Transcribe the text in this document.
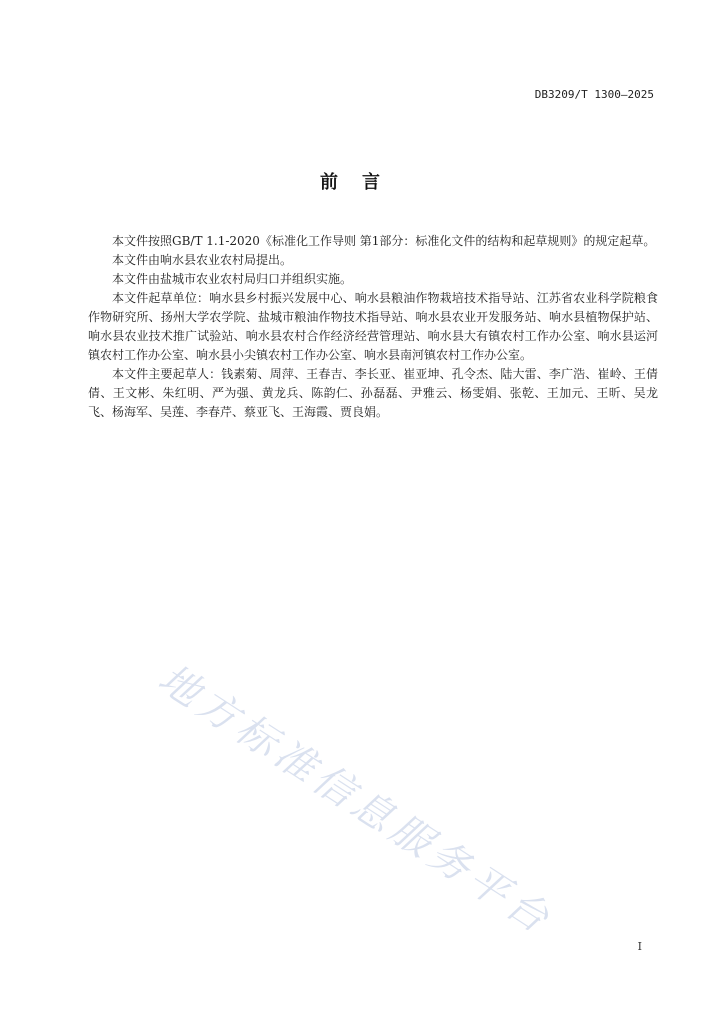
DB3209/T 1300—2025
前言

本文件按照GB/T 1.1-2020《标准化工作导则 第1部分：标准化文件的结构和起草规则》的规定起草。

本文件由响水县农业农村局提出。

本文件由盐城市农业农村局归口并组织实施。

本文件起草单位：响水县乡村振兴发展中心、响水县粮油作物栽培技术指导站、江苏省农业科学院粮食作物研究所、扬州大学农学院、盐城市粮油作物技术指导站、响水县农业开发服务站、响水县植物保护站、响水县农业技术推广试验站、响水县农村合作经济经营管理站、响水县大有镇农村工作办公室、响水县运河镇农村工作办公室、响水县小尖镇农村工作办公室、响水县南河镇农村工作办公室。

本文件主要起草人：钱素菊、周萍、王春吉、李长亚、崔亚坤、孔令杰、陆大雷、李广浩、崔岭、王倩倩、王文彬、朱红明、严为强、黄龙兵、陈韵仁、孙磊磊、尹雅云、杨雯娟、张乾、王加元、王昕、吴龙飞、杨海军、吴莲、李春芹、蔡亚飞、王海霞、贾良娟。

地方标准信息服务平台
I
